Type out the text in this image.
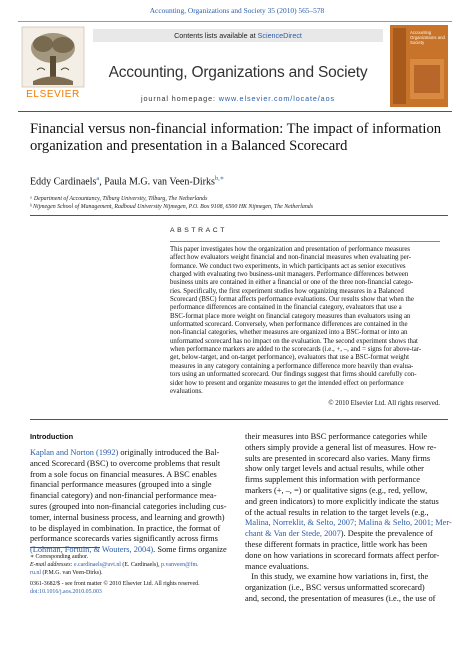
Accounting, Organizations and Society 35 (2010) 565–578
ELSEVIER
Contents lists available at ScienceDirect
Accounting, Organizations and Society
journal homepage: www.elsevier.com/locate/aos
Accounting Organizations and Society
Financial versus non-financial information: The impact of information
organization and presentation in a Balanced Scorecard
Eddy Cardinaels$^a$, Paula M.G. van Veen-Dirks$^{b,∗}$
ᵃ Department of Accountancy, Tilburg University, Tilburg, The Netherlands
ᵇ Nijmegen School of Management, Radboud University Nijmegen, P.O. Box 9108, 6500 HK Nijmegen, The Netherlands
ABSTRACT
This paper investigates how the organization and presentation of performance measures
affect how evaluators weight financial and non-financial measures when evaluating per-
formance. We conduct two experiments, in which participants act as senior executives
charged with evaluating two business-unit managers. Performance differences between
business units are contained in either a financial or one of the three non-financial catego-
ries. Specifically, the first experiment studies how organizing measures in a Balanced
Scorecard (BSC) format affects performance evaluations. Our results show that when the
performance differences are contained in the financial category, evaluators that use a
BSC-format place more weight on financial category measures than evaluators using an
unformatted scorecard. Conversely, when performance differences are contained in the
non-financial categories, whether measures are organized into a BSC-format or into an
unformatted scorecard has no impact on the evaluation. The second experiment shows that
when performance markers are added to the scorecards (i.e., +, –, and = signs for above-tar-
get, below-target, and on-target performance), evaluators that use a BSC-format weight
measures in any category containing a performance difference more heavily than evalua-
tors using an unformatted scorecard. Our findings suggest that firms should carefully con-
sider how to present and organize measures to get the intended effect on performance
evaluations.
© 2010 Elsevier Ltd. All rights reserved.
Introduction
Kaplan and Norton (1992) originally introduced the Bal-
anced Scorecard (BSC) to overcome problems that result
from a sole focus on financial measures. A BSC enables
financial performance measures (grouped into a single
financial category) and non-financial performance mea-
sures (grouped into non-financial categories including cus-
tomer, internal business process, and learning and growth)
to be displayed in combination. In practice, the format of
performance scorecards varies significantly across firms
(Lohman, Fortuin, & Wouters, 2004). Some firms organize
their measures into BSC performance categories while
others simply provide a general list of measures. How re-
sults are presented in scorecard also varies. Many firms
show only target levels and actual results, while other
firms supplement this information with performance
markers (+, –, =) or qualitative signs (e.g., red, yellow,
and green indicators) to more explicitly indicate the status
of the actual results in relation to the target levels (e.g.,
Malina, Norreklit, & Selto, 2007; Malina & Selto, 2001; Mer-
chant & Van der Stede, 2007). Despite the prevalence of
these different formats in practice, little work has been
done on how variations in scorecard formats affect perfor-
mance evaluations.
In this study, we examine how variations in, first, the
organization (i.e., BSC versus unformatted scorecard)
and, second, the presentation of measures (i.e., the use of
∗ Corresponding author.
E-mail addresses: e.cardinaels@uvt.nl (E. Cardinaels), p.vanveen@fm.
ru.nl (P.M.G. van Veen-Dirks).
0361-3682/$ - see front matter © 2010 Elsevier Ltd. All rights reserved.
doi:10.1016/j.aos.2010.05.003
